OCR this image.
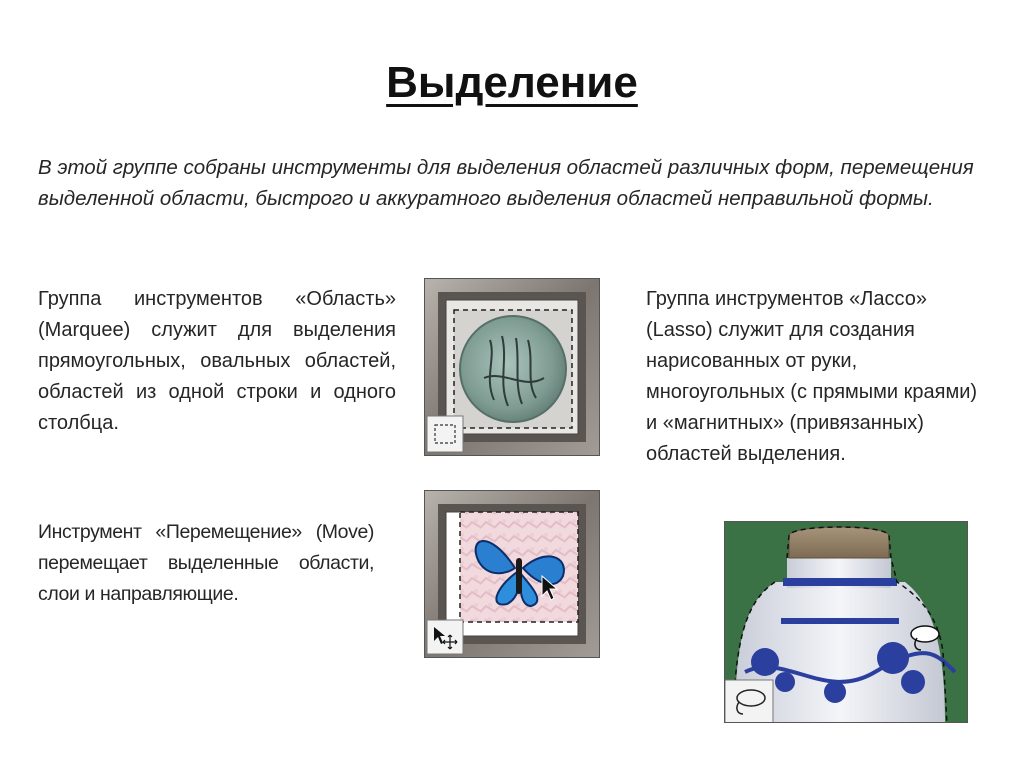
Выделение
В этой группе собраны инструменты для выделения областей различных форм, перемещения выделенной области, быстрого и аккуратного выделения областей неправильной формы.
Группа инструментов «Область» (Marquee) служит для выделения прямоугольных, овальных областей, областей из одной строки и одного столбца.
Инструмент «Перемещение» (Move) перемещает выделенные области, слои и направляющие.
Группа инструментов «Лассо» (Lasso) служит для создания нарисованных от руки, многоугольных (с прямыми краями) и «магнитных» (привязанных) областей выделения.
